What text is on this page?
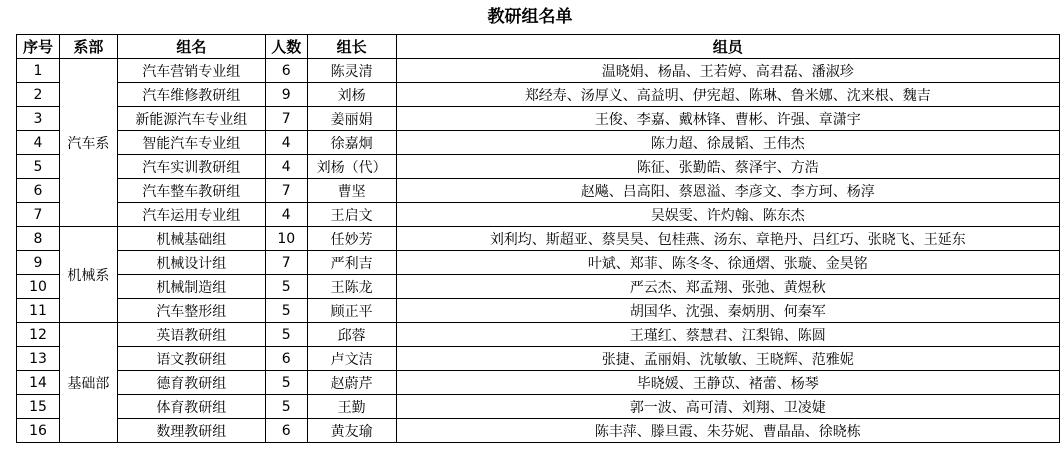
教研组名单
序号	系部	组名	人数	组长	组员
1	汽车系	汽车营销专业组	6	陈灵清	温晓娟、杨晶、王若婷、高君磊、潘淑珍
2		汽车维修教研组	9	刘杨	郑经寿、汤厚义、高益明、伊宪超、陈琳、鲁米娜、沈来根、魏吉
3		新能源汽车专业组	7	姜丽娟	王俊、李嘉、戴林锋、曹彬、许强、章潇宇
4		智能汽车专业组	4	徐嘉炯	陈力超、徐晟韬、王伟杰
5		汽车实训教研组	4	刘杨（代）	陈征、张勤皓、蔡泽宇、方浩
6		汽车整车教研组	7	曹坚	赵飚、吕高阳、蔡恩溢、李彦文、李方珂、杨淳
7		汽车运用专业组	4	王启文	吴娱雯、许灼翰、陈东杰
8	机械系	机械基础组	10	任妙芳	刘利均、斯超亚、蔡昊昊、包桂燕、汤东、章艳丹、吕红巧、张晓飞、王延东
9		机械设计组	7	严利吉	叶斌、郑菲、陈冬冬、徐通熠、张璇、金昊铭
10		机械制造组	5	王陈龙	严云杰、郑孟翔、张弛、黄煜秋
11		汽车整形组	5	顾正平	胡国华、沈强、秦炳朋、何秦军
12	基础部	英语教研组	5	邱蓉	王瑾红、蔡慧君、江梨锦、陈圆
13		语文教研组	6	卢文洁	张捷、孟丽娟、沈敏敏、王晓辉、范雅妮
14		德育教研组	5	赵蔚芹	毕晓媛、王静苡、褚蕾、杨琴
15		体育教研组	5	王勤	郭一波、高可清、刘翔、卫凌婕
16		数理教研组	6	黄友瑜	陈丰萍、滕旦霞、朱芬妮、曹晶晶、徐晓栋
